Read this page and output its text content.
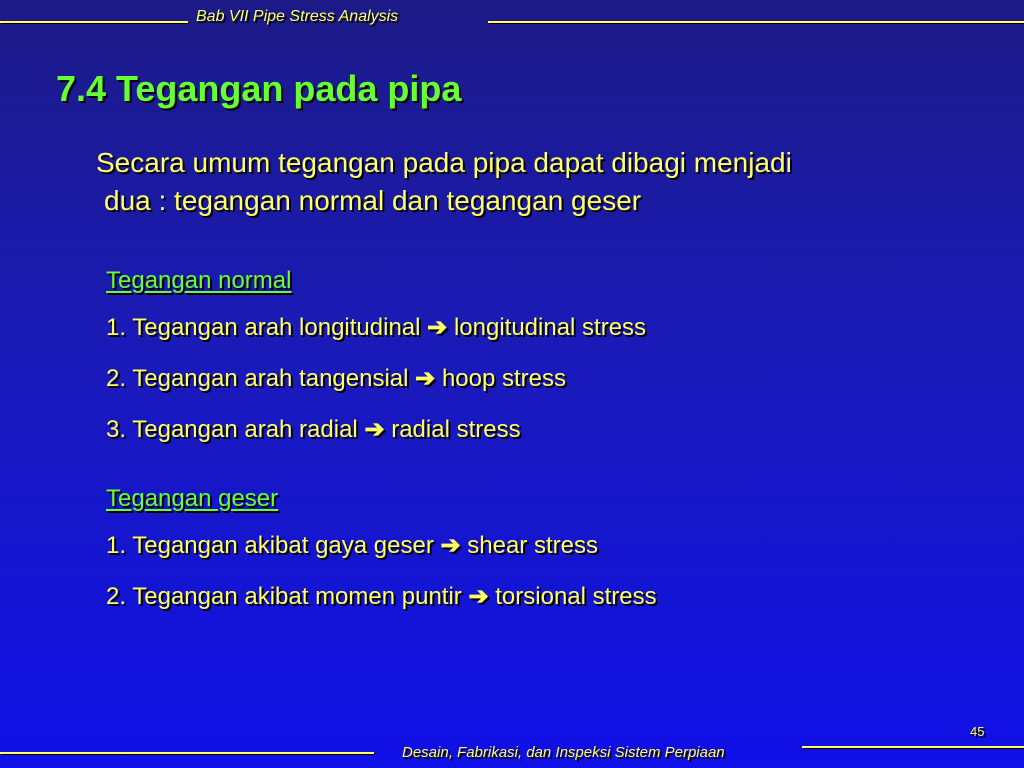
Bab VII Pipe Stress Analysis
7.4 Tegangan pada pipa
Secara umum tegangan pada pipa dapat dibagi menjadi
dua : tegangan normal dan tegangan geser
Tegangan normal
1. Tegangan arah longitudinal ➔ longitudinal stress
2. Tegangan arah tangensial ➔ hoop stress
3. Tegangan arah radial ➔ radial stress
Tegangan geser
1. Tegangan akibat gaya geser ➔ shear stress
2. Tegangan akibat momen puntir ➔ torsional stress
45
Desain, Fabrikasi, dan Inspeksi Sistem Perpiaan
